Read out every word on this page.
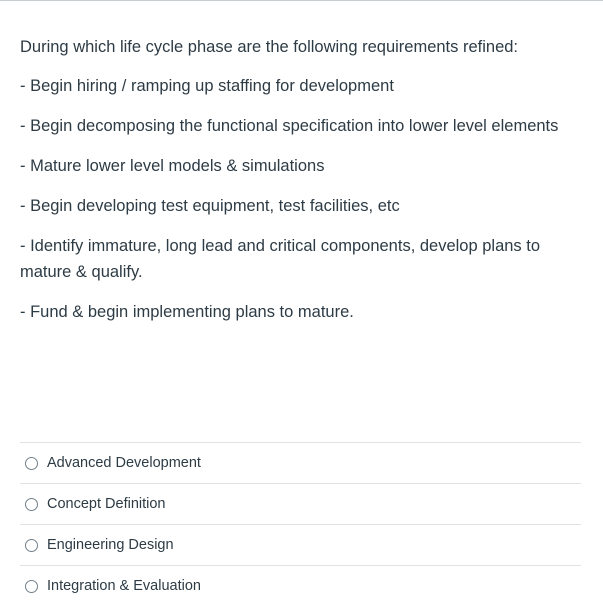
During which life cycle phase are the following requirements refined:

- Begin hiring / ramping up staffing for development

- Begin decomposing the functional specification into lower level elements

- Mature lower level models & simulations

- Begin developing test equipment, test facilities, etc

- Identify immature, long lead and critical components, develop plans to mature & qualify.

- Fund & begin implementing plans to mature.

Advanced Development
Concept Definition
Engineering Design
Integration & Evaluation
